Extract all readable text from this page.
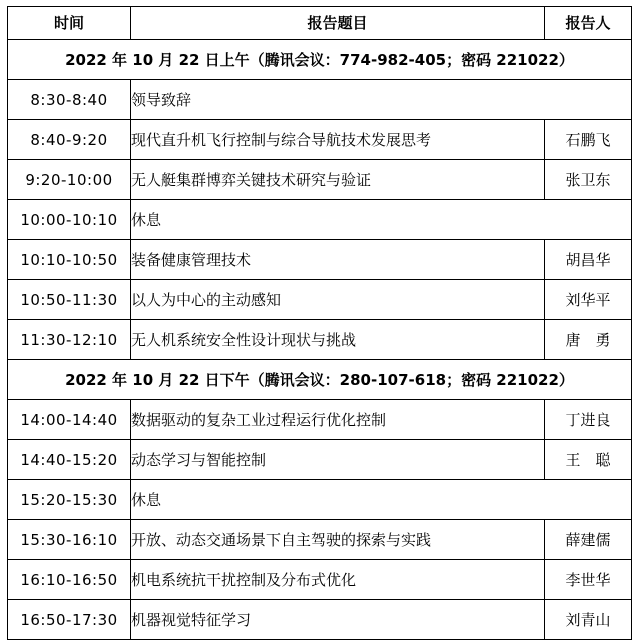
时间	报告题目	报告人
2022 年 10 月 22 日上午（腾讯会议：774-982-405；密码 221022）		
8:30-8:40	领导致辞	
8:40-9:20	现代直升机飞行控制与综合导航技术发展思考	石鹏飞
9:20-10:00	无人艇集群博弈关键技术研究与验证	张卫东
10:00-10:10	休息	
10:10-10:50	装备健康管理技术	胡昌华
10:50-11:30	以人为中心的主动感知	刘华平
11:30-12:10	无人机系统安全性设计现状与挑战	唐　勇
2022 年 10 月 22 日下午（腾讯会议：280-107-618；密码 221022）		
14:00-14:40	数据驱动的复杂工业过程运行优化控制	丁进良
14:40-15:20	动态学习与智能控制	王　聪
15:20-15:30	休息	
15:30-16:10	开放、动态交通场景下自主驾驶的探索与实践	薛建儒
16:10-16:50	机电系统抗干扰控制及分布式优化	李世华
16:50-17:30	机器视觉特征学习	刘青山
